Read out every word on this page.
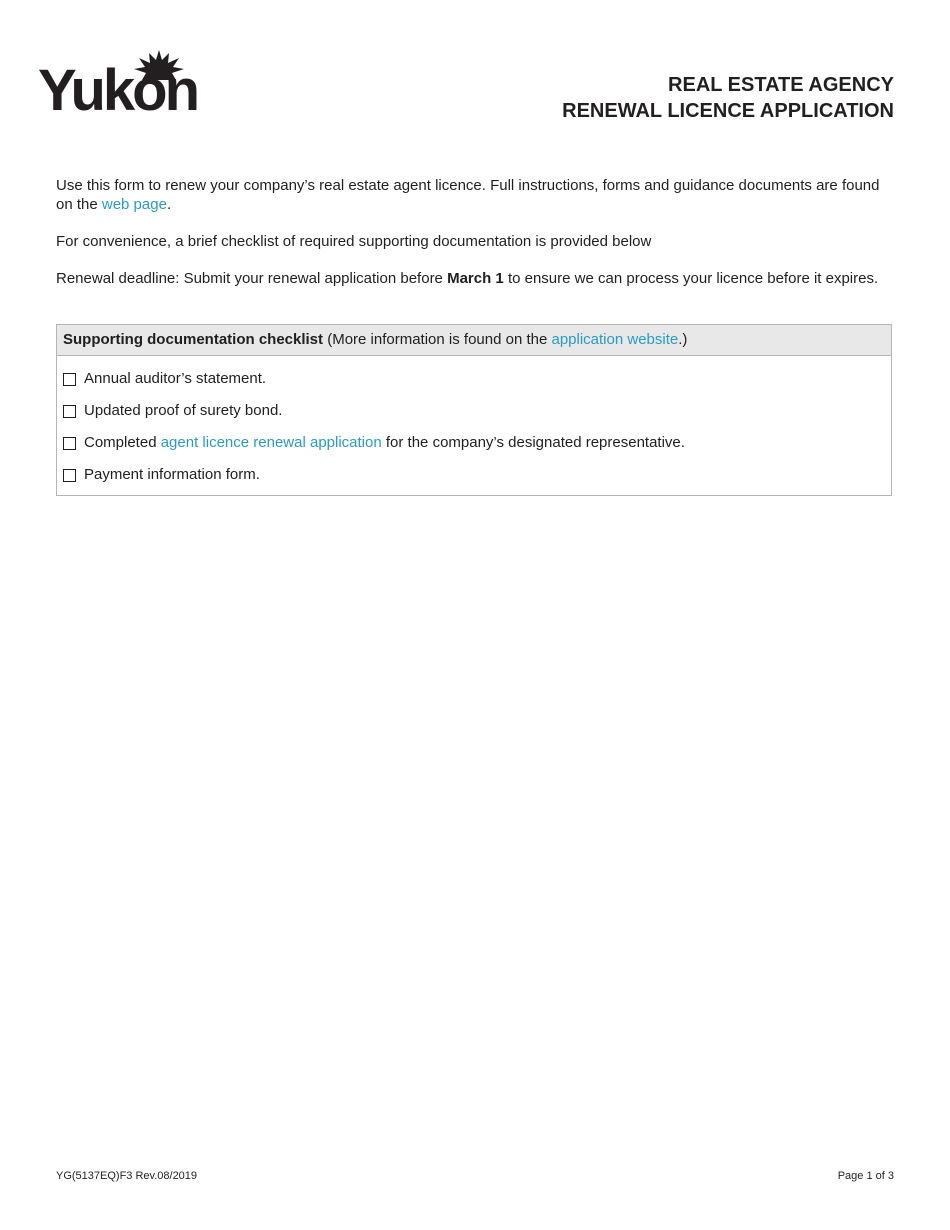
Yukon	REAL ESTATE AGENCY
RENEWAL LICENCE APPLICATION

Use this form to renew your company’s real estate agent licence. Full instructions, forms and guidance documents are found on the web page.

For convenience, a brief checklist of required supporting documentation is provided below

Renewal deadline: Submit your renewal application before March 1 to ensure we can process your licence before it expires.

Supporting documentation checklist (More information is found on the application website.)
Annual auditor’s statement.
Updated proof of surety bond.
Completed agent licence renewal application for the company’s designated representative.
Payment information form.
YG(5137EQ)F3 Rev.08/2019	Page 1 of 3
